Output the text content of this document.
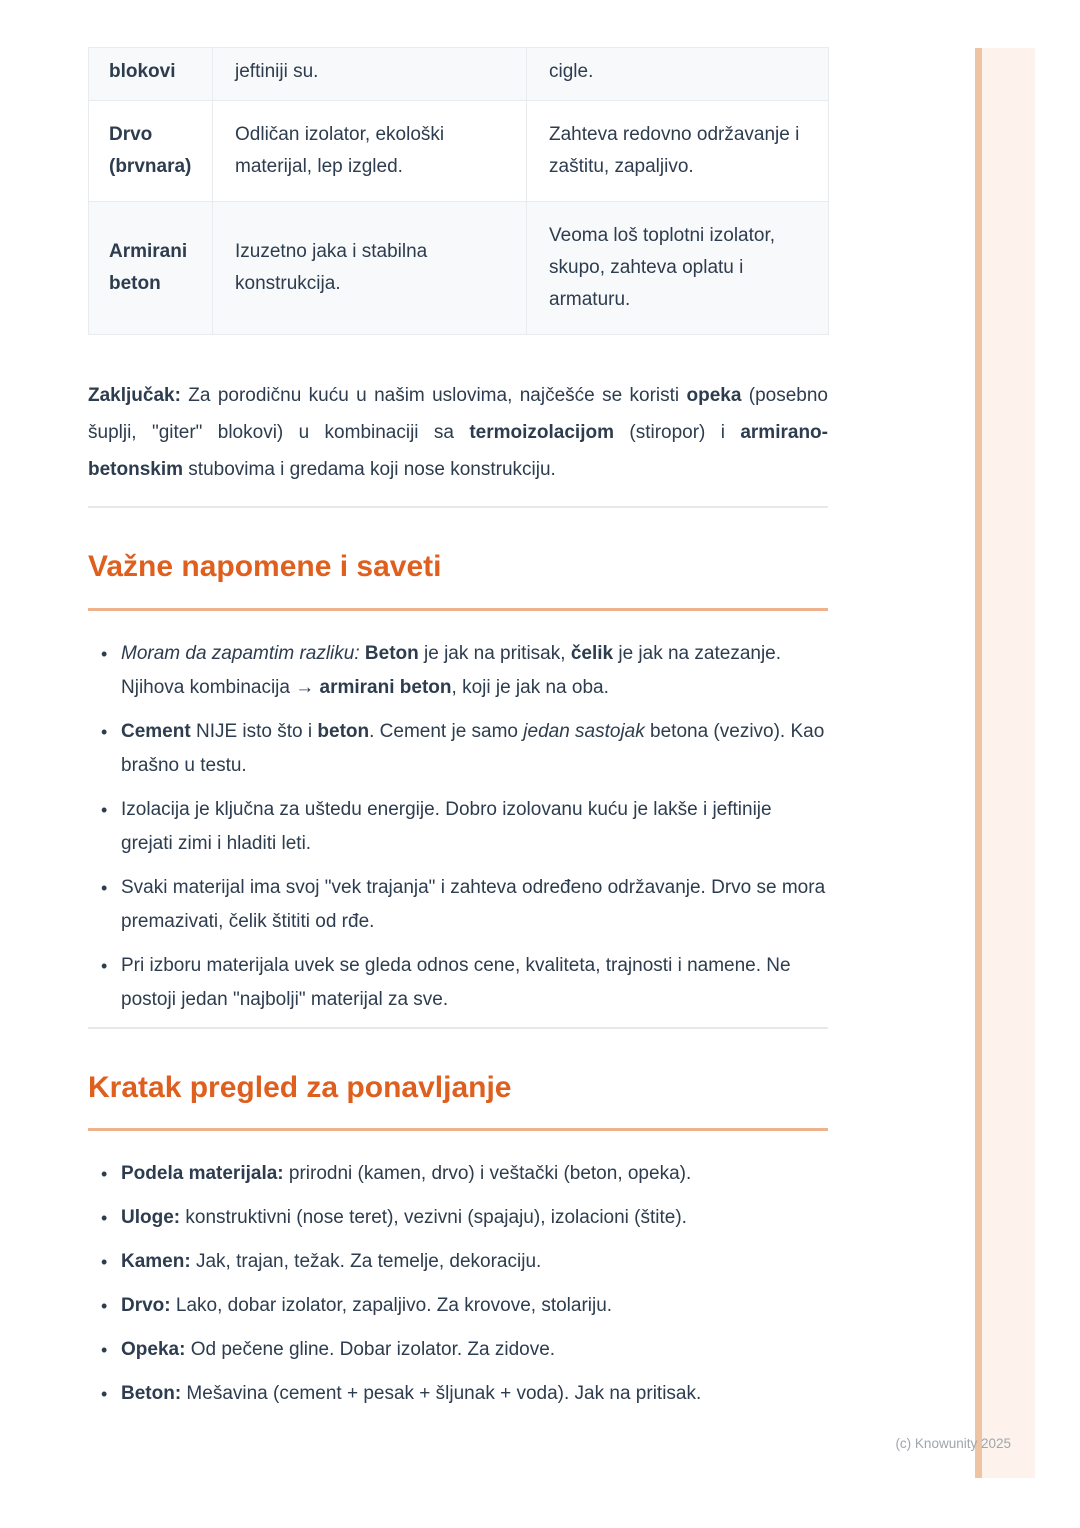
blokovi	jeftiniji su.	cigle.
Drvo (brvnara)	Odličan izolator, ekološki materijal, lep izgled.	Zahteva redovno održavanje i zaštitu, zapaljivo.
Armirani beton	Izuzetno jaka i stabilna konstrukcija.	Veoma loš toplotni izolator, skupo, zahteva oplatu i armaturu.

Zaključak: Za porodičnu kuću u našim uslovima, najčešće se koristi opeka (posebno šuplji, "giter" blokovi) u kombinaciji sa termoizolacijom (stiropor) i armirano-betonskim stubovima i gredama koji nose konstrukciju.

Važne napomene i saveti
• Moram da zapamtim razliku: Beton je jak na pritisak, čelik je jak na zatezanje. Njihova kombinacija → armirani beton, koji je jak na oba.
• Cement NIJE isto što i beton. Cement je samo jedan sastojak betona (vezivo). Kao brašno u testu.
• Izolacija je ključna za uštedu energije. Dobro izolovanu kuću je lakše i jeftinije grejati zimi i hladiti leti.
• Svaki materijal ima svoj "vek trajanja" i zahteva određeno održavanje. Drvo se mora premazivati, čelik štititi od rđe.
• Pri izboru materijala uvek se gleda odnos cene, kvaliteta, trajnosti i namene. Ne postoji jedan "najbolji" materijal za sve.
Kratak pregled za ponavljanje
• Podela materijala: prirodni (kamen, drvo) i veštački (beton, opeka).
• Uloge: konstruktivni (nose teret), vezivni (spajaju), izolacioni (štite).
• Kamen: Jak, trajan, težak. Za temelje, dekoraciju.
• Drvo: Lako, dobar izolator, zapaljivo. Za krovove, stolariju.
• Opeka: Od pečene gline. Dobar izolator. Za zidove.
• Beton: Mešavina (cement + pesak + šljunak + voda). Jak na pritisak.
(c) Knowunity 2025
